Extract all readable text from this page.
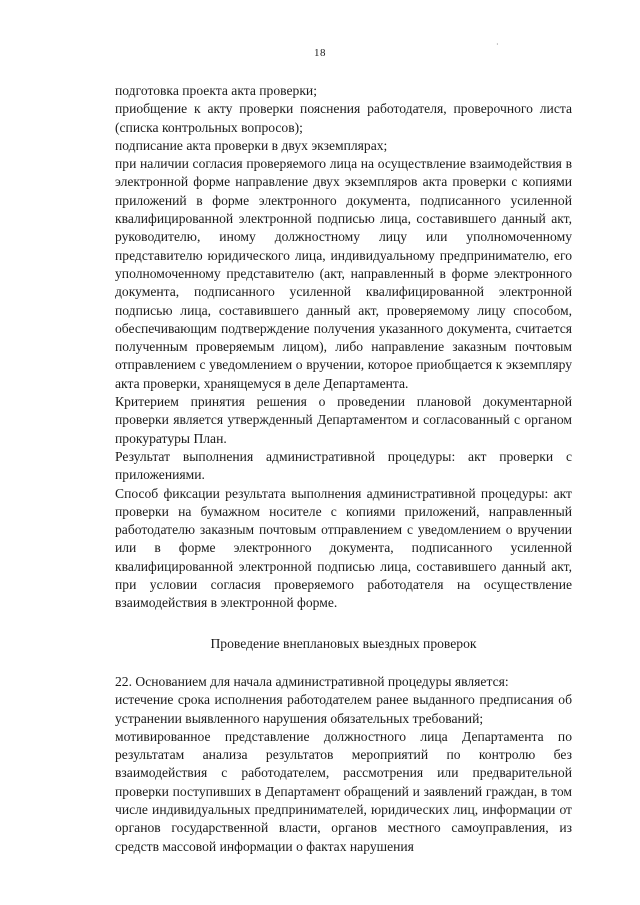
18
·

подготовка проекта акта проверки;

приобщение к акту проверки пояснения работодателя, проверочного листа (списка контрольных вопросов);

подписание акта проверки в двух экземплярах;

при наличии согласия проверяемого лица на осуществление взаимодействия в электронной форме направление двух экземпляров акта проверки с копиями приложений в форме электронного документа, подписанного усиленной квалифицированной электронной подписью лица, составившего данный акт, руководителю, иному должностному лицу или уполномоченному представителю юридического лица, индивидуальному предпринимателю, его уполномоченному представителю (акт, направленный в форме электронного документа, подписанного усиленной квалифицированной электронной подписью лица, составившего данный акт, проверяемому лицу способом, обеспечивающим подтверждение получения указанного документа, считается полученным проверяемым лицом), либо направление заказным почтовым отправлением с уведомлением о вручении, которое приобщается к экземпляру акта проверки, хранящемуся в деле Департамента.

Критерием принятия решения о проведении плановой документарной проверки является утвержденный Департаментом и согласованный с органом прокуратуры План.

Результат выполнения административной процедуры: акт проверки с приложениями.

Способ фиксации результата выполнения административной процедуры: акт проверки на бумажном носителе с копиями приложений, направленный работодателю заказным почтовым отправлением с уведомлением о вручении или в форме электронного документа, подписанного усиленной квалифицированной электронной подписью лица, составившего данный акт, при условии согласия проверяемого работодателя на осуществление взаимодействия в электронной форме.

Проведение внеплановых выездных проверок

22. Основанием для начала административной процедуры является:

истечение срока исполнения работодателем ранее выданного предписания об устранении выявленного нарушения обязательных требований;

мотивированное представление должностного лица Департамента по результатам анализа результатов мероприятий по контролю без взаимодействия с работодателем, рассмотрения или предварительной проверки поступивших в Департамент обращений и заявлений граждан, в том числе индивидуальных предпринимателей, юридических лиц, информации от органов государственной власти, органов местного самоуправления, из средств массовой информации о фактах нарушения
